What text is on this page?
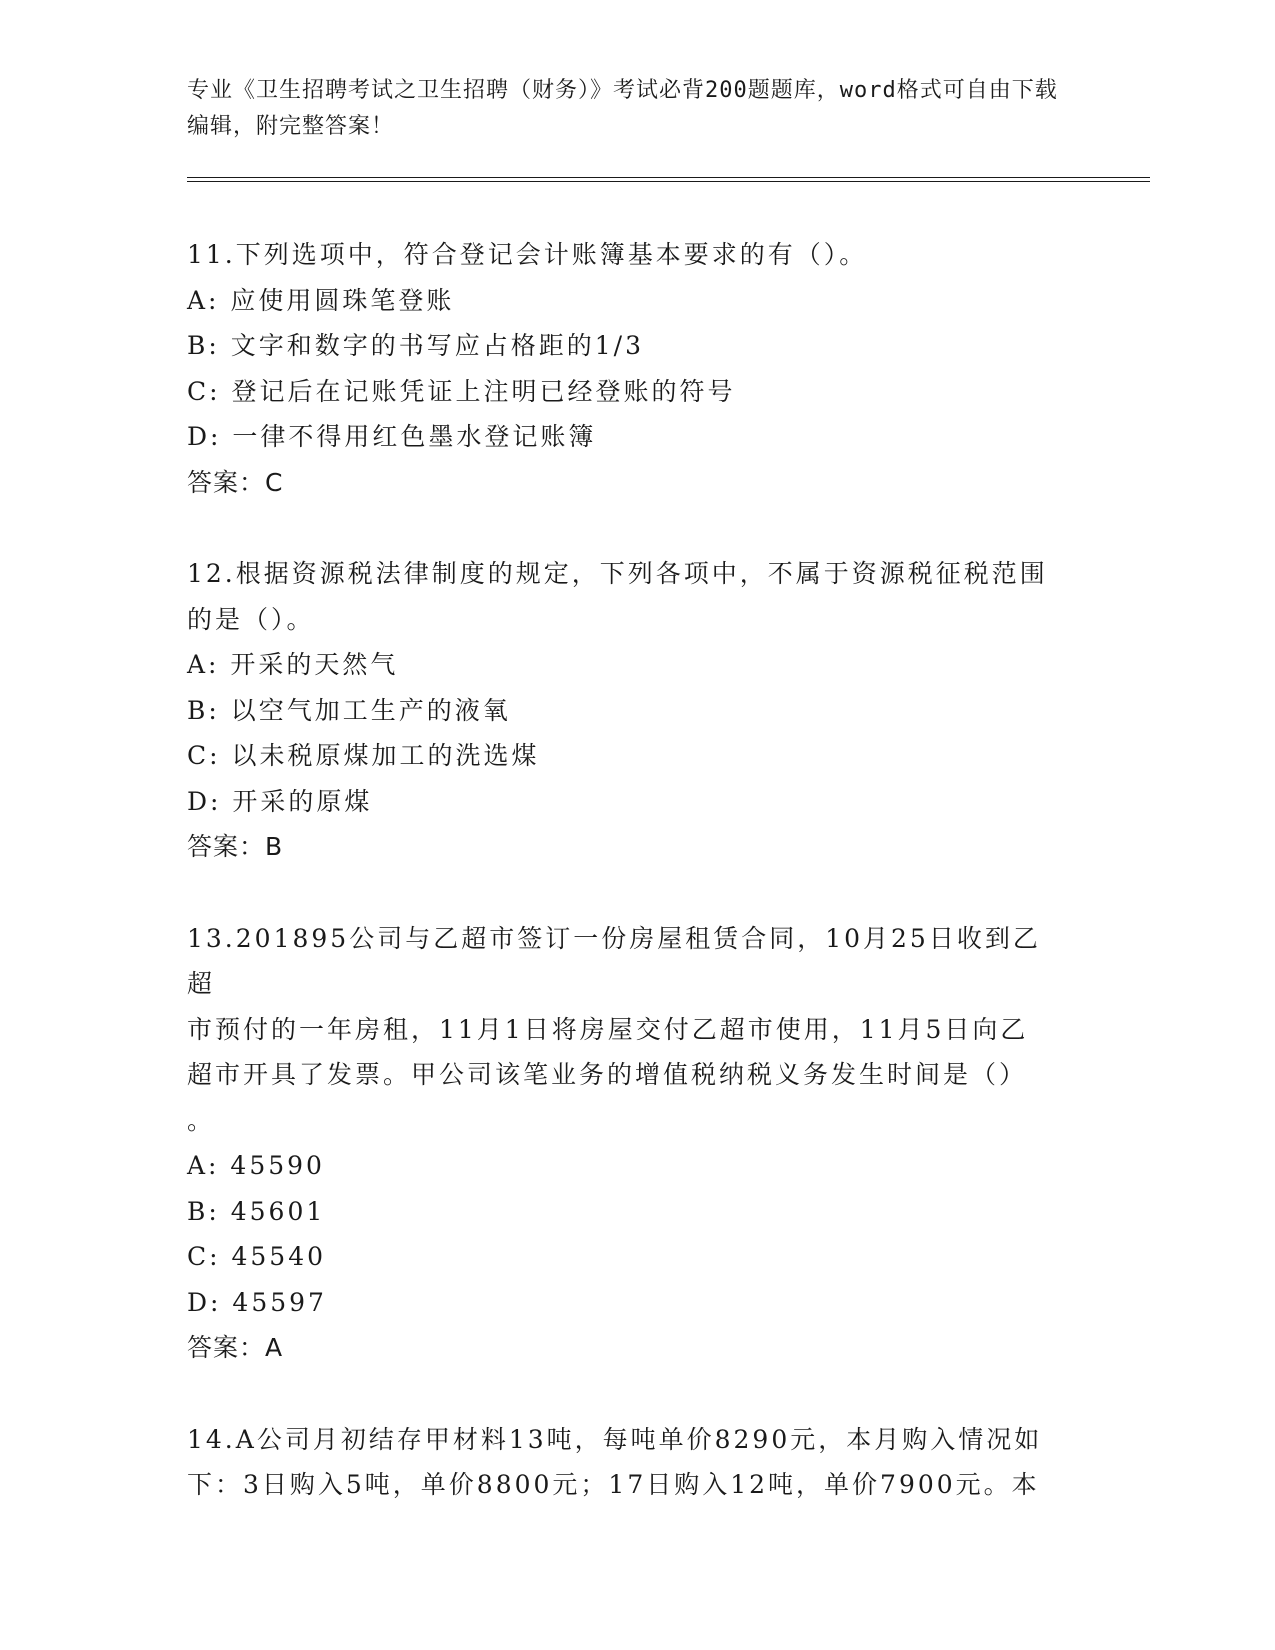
专业《卫生招聘考试之卫生招聘（财务）》考试必背200题题库，word格式可自由下载编辑，附完整答案！
11.下列选项中，符合登记会计账簿基本要求的有（）。
A: 应使用圆珠笔登账
B: 文字和数字的书写应占格距的1/3
C: 登记后在记账凭证上注明已经登账的符号
D: 一律不得用红色墨水登记账簿
答案：C
12.根据资源税法律制度的规定，下列各项中，不属于资源税征税范围
的是（）。
A: 开采的天然气
B: 以空气加工生产的液氧
C: 以未税原煤加工的洗选煤
D: 开采的原煤
答案：B
13.201895公司与乙超市签订一份房屋租赁合同，10月25日收到乙超
市预付的一年房租，11月1日将房屋交付乙超市使用，11月5日向乙
超市开具了发票。甲公司该笔业务的增值税纳税义务发生时间是（）
。
A: 45590
B: 45601
C: 45540
D: 45597
答案：A
14.A公司月初结存甲材料13吨，每吨单价8290元，本月购入情况如
下：3日购入5吨，单价8800元；17日购入12吨，单价7900元。本
